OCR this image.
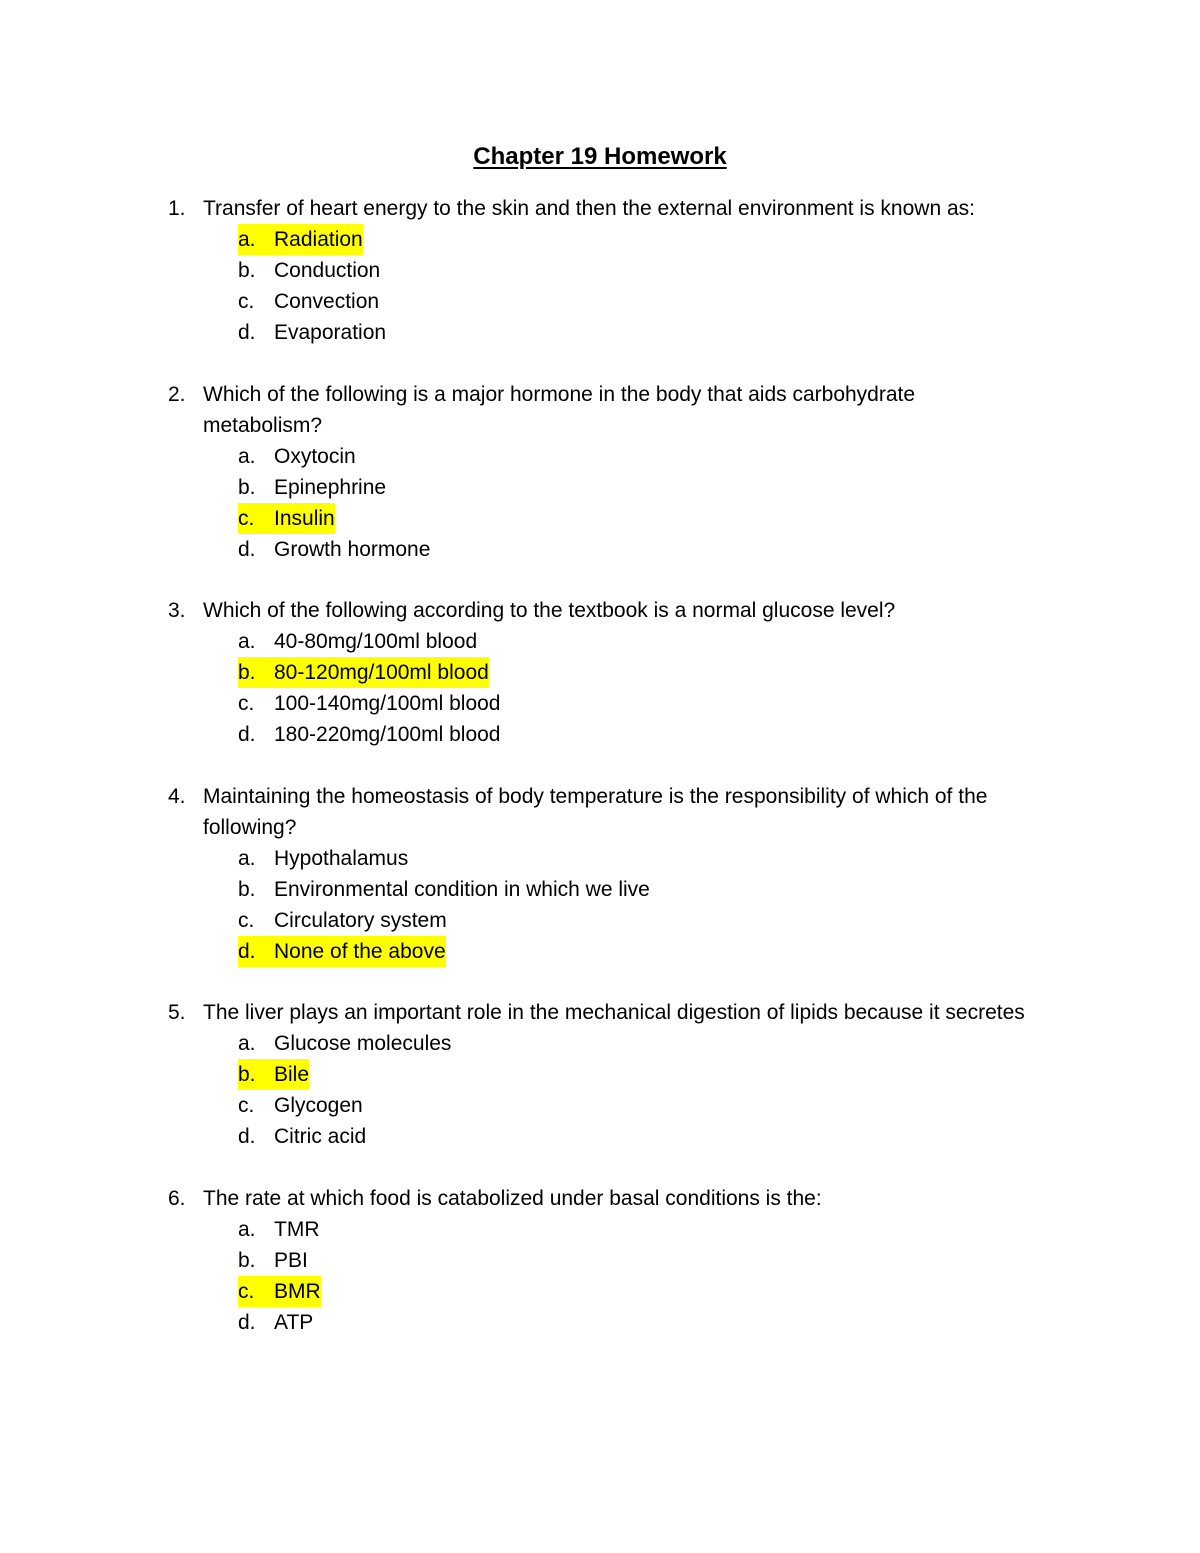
Chapter 19 Homework
1. Transfer of heart energy to the skin and then the external environment is known as:
a. Radiation
b. Conduction
c. Convection
d. Evaporation
2. Which of the following is a major hormone in the body that aids carbohydrate metabolism?
a. Oxytocin
b. Epinephrine
c. Insulin
d. Growth hormone
3. Which of the following according to the textbook is a normal glucose level?
a. 40-80mg/100ml blood
b. 80-120mg/100ml blood
c. 100-140mg/100ml blood
d. 180-220mg/100ml blood
4. Maintaining the homeostasis of body temperature is the responsibility of which of the following?
a. Hypothalamus
b. Environmental condition in which we live
c. Circulatory system
d. None of the above
5. The liver plays an important role in the mechanical digestion of lipids because it secretes
a. Glucose molecules
b. Bile
c. Glycogen
d. Citric acid
6. The rate at which food is catabolized under basal conditions is the:
a. TMR
b. PBI
c. BMR
d. ATP
